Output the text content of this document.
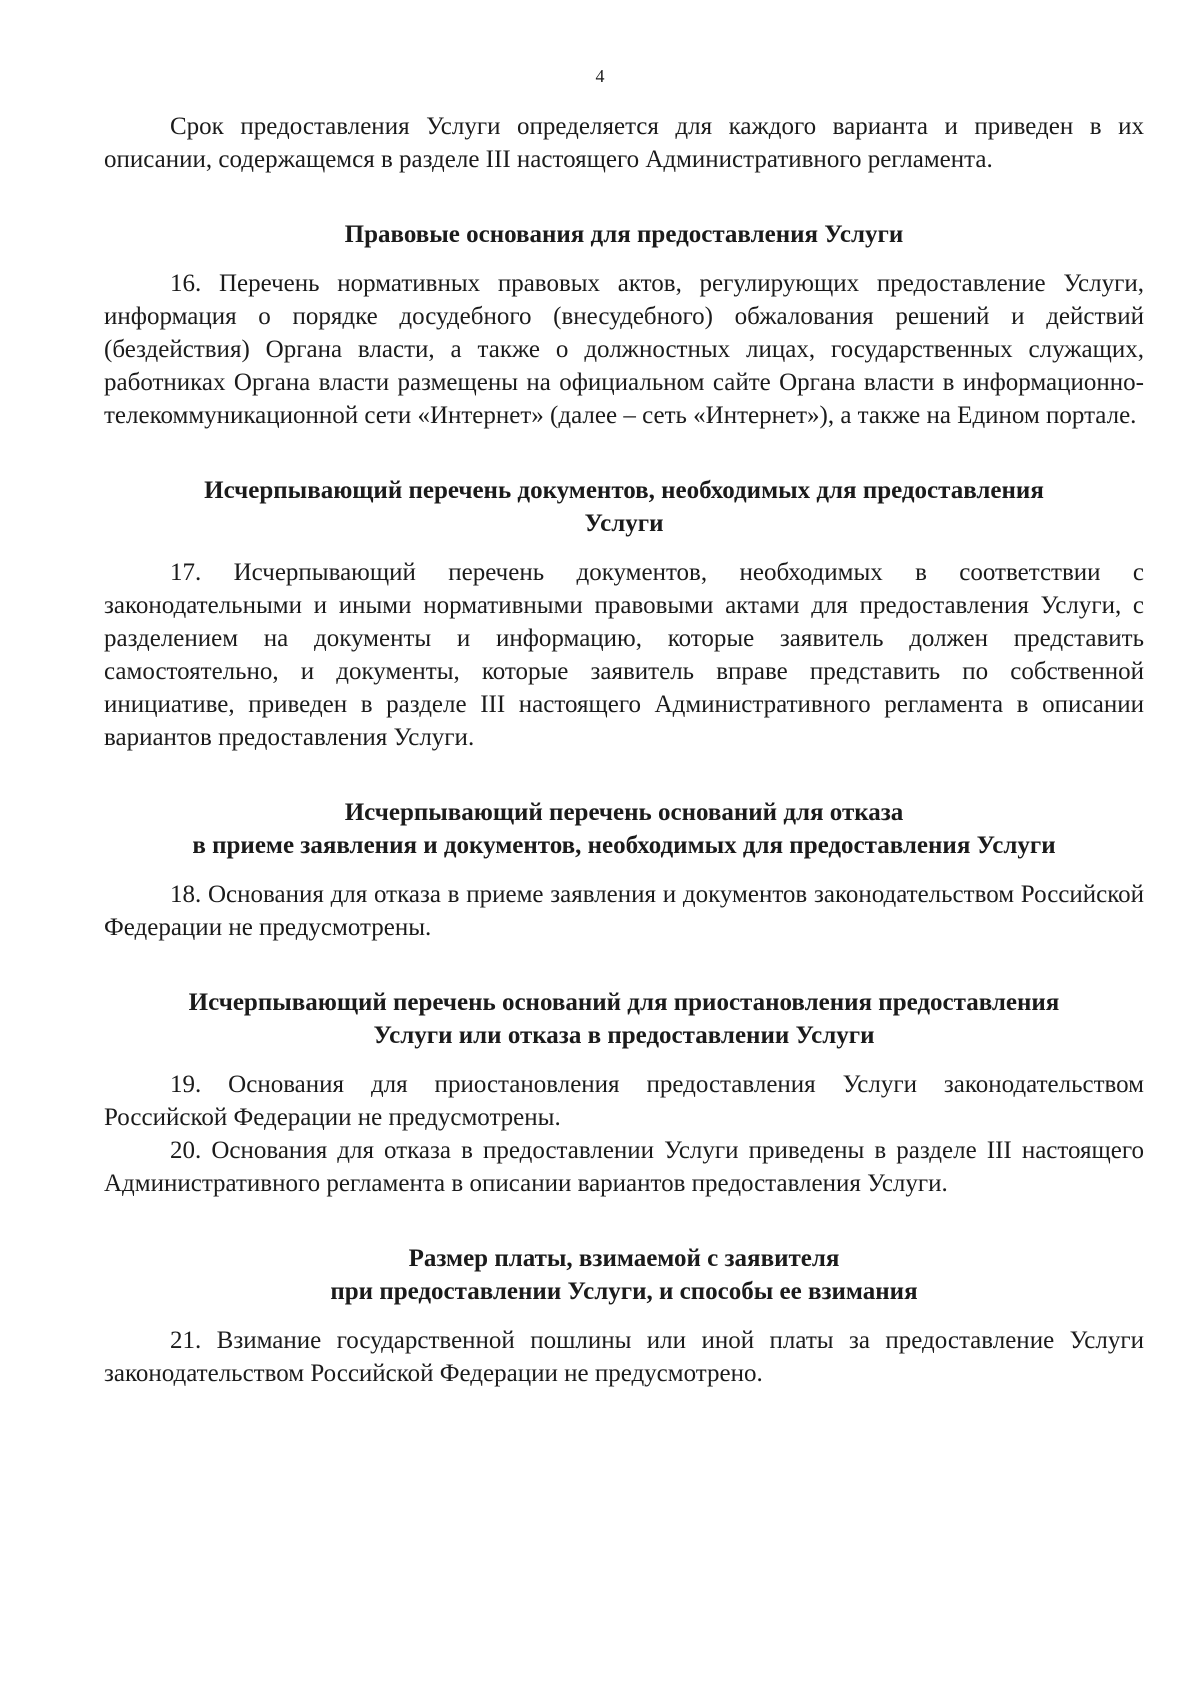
4

Срок предоставления Услуги определяется для каждого варианта и приведен в их описании, содержащемся в разделе III настоящего Административного регламента.

Правовые основания для предоставления Услуги

16. Перечень нормативных правовых актов, регулирующих предоставление Услуги, информация о порядке досудебного (внесудебного) обжалования решений и действий (бездействия) Органа власти, а также о должностных лицах, государственных служащих, работниках Органа власти размещены на официальном сайте Органа власти в информационно-телекоммуникационной сети «Интернет» (далее – сеть «Интернет»), а также на Едином портале.

Исчерпывающий перечень документов, необходимых для предоставления
Услуги

17. Исчерпывающий перечень документов, необходимых в соответствии с законодательными и иными нормативными правовыми актами для предоставления Услуги, с разделением на документы и информацию, которые заявитель должен представить самостоятельно, и документы, которые заявитель вправе представить по собственной инициативе, приведен в разделе III настоящего Административного регламента в описании вариантов предоставления Услуги.

Исчерпывающий перечень оснований для отказа
в приеме заявления и документов, необходимых для предоставления Услуги

18. Основания для отказа в приеме заявления и документов законодательством Российской Федерации не предусмотрены.

Исчерпывающий перечень оснований для приостановления предоставления
Услуги или отказа в предоставлении Услуги

19. Основания для приостановления предоставления Услуги законодательством Российской Федерации не предусмотрены.

20. Основания для отказа в предоставлении Услуги приведены в разделе III настоящего Административного регламента в описании вариантов предоставления Услуги.

Размер платы, взимаемой с заявителя
при предоставлении Услуги, и способы ее взимания

21. Взимание государственной пошлины или иной платы за предоставление Услуги законодательством Российской Федерации не предусмотрено.
